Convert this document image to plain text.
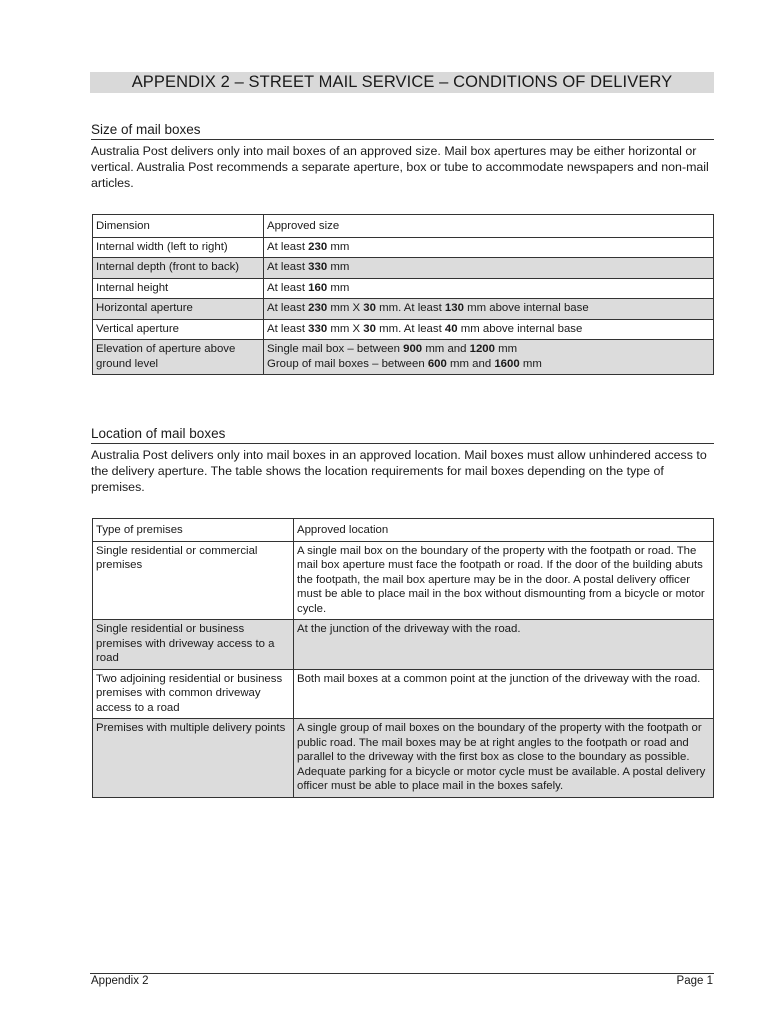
APPENDIX 2 – STREET MAIL SERVICE – CONDITIONS OF DELIVERY
Size of mail boxes

Australia Post delivers only into mail boxes of an approved size. Mail box apertures may be either horizontal or vertical. Australia Post recommends a separate aperture, box or tube to accommodate newspapers and non-mail articles.

Dimension	Approved size
Internal width (left to right)	At least 230 mm

Internal depth (front to back)	At least 330 mm

Internal height	At least 160 mm

Horizontal aperture	At least 230 mm X 30 mm. At least 130 mm above internal base

Vertical aperture	At least 330 mm X 30 mm. At least 40 mm above internal base

Elevation of aperture above ground level	Single mail box – between 900 mm and 1200 mm
Group of mail boxes – between 600 mm and 1600 mm
Location of mail boxes

Australia Post delivers only into mail boxes in an approved location. Mail boxes must allow unhindered access to the delivery aperture. The table shows the location requirements for mail boxes depending on the type of premises.

Type of premises	Approved location
Single residential or commercial premises	A single mail box on the boundary of the property with the footpath or road. The mail box aperture must face the footpath or road. If the door of the building abuts the footpath, the mail box aperture may be in the door. A postal delivery officer must be able to place mail in the box without dismounting from a bicycle or motor cycle.
Single residential or business premises with driveway access to a road	At the junction of the driveway with the road.
Two adjoining residential or business premises with common driveway access to a road	Both mail boxes at a common point at the junction of the driveway with the road.
Premises with multiple delivery points	A single group of mail boxes on the boundary of the property with the footpath or public road. The mail boxes may be at right angles to the footpath or road and parallel to the driveway with the first box as close to the boundary as possible. Adequate parking for a bicycle or motor cycle must be available. A postal delivery officer must be able to place mail in the boxes safely.
Appendix 2	Page 1
